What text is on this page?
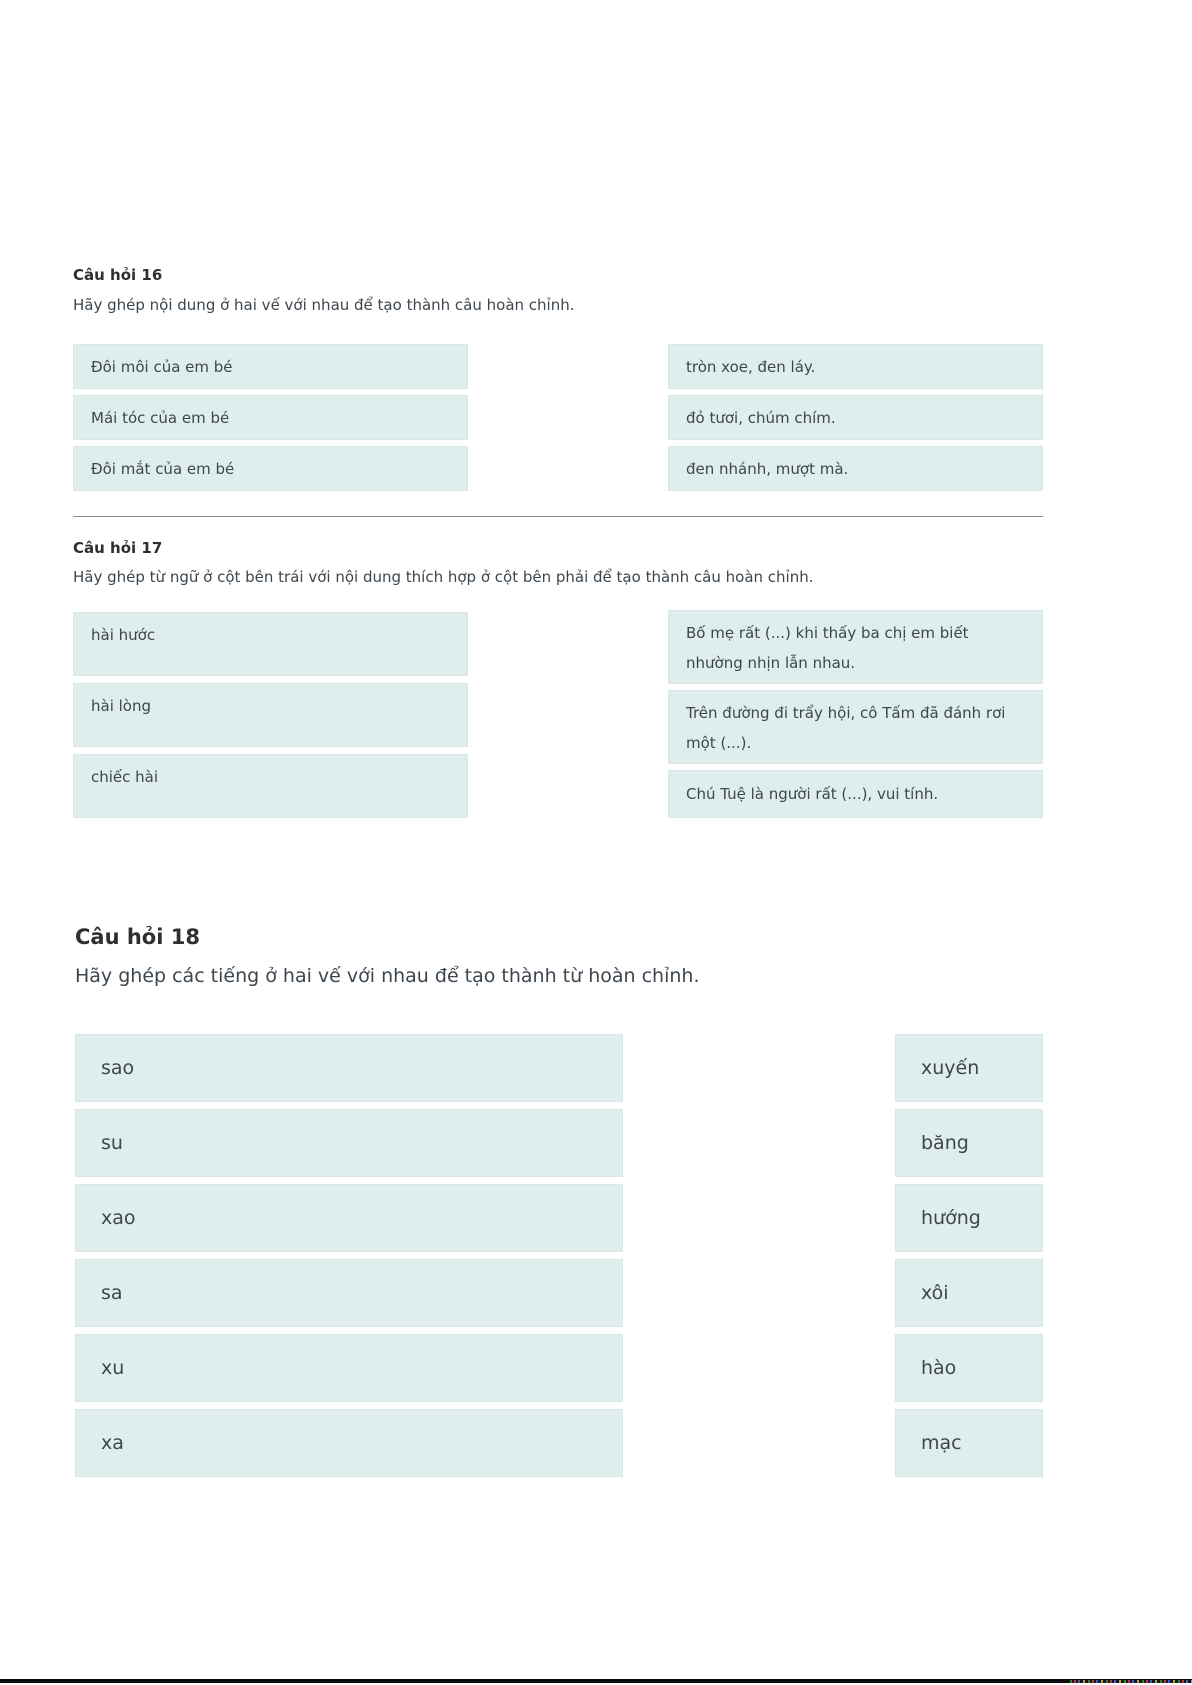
Câu hỏi 16

Hãy ghép nội dung ở hai vế với nhau để tạo thành câu hoàn chỉnh.

Đôi môi của em bé
Mái tóc của em bé
Đôi mắt của em bé
tròn xoe, đen láy.
đỏ tươi, chúm chím.
đen nhánh, mượt mà.
Câu hỏi 17

Hãy ghép từ ngữ ở cột bên trái với nội dung thích hợp ở cột bên phải để tạo thành câu hoàn chỉnh.

hài hước
hài lòng
chiếc hài
Bố mẹ rất (...) khi thấy ba chị em biết nhường nhịn lẫn nhau.
Trên đường đi trẩy hội, cô Tấm đã đánh rơi một (...).
Chú Tuệ là người rất (...), vui tính.
Câu hỏi 18

Hãy ghép các tiếng ở hai vế với nhau để tạo thành từ hoàn chỉnh.

sao
su
xao
sa
xu
xa
xuyến
băng
hướng
xôi
hào
mạc
